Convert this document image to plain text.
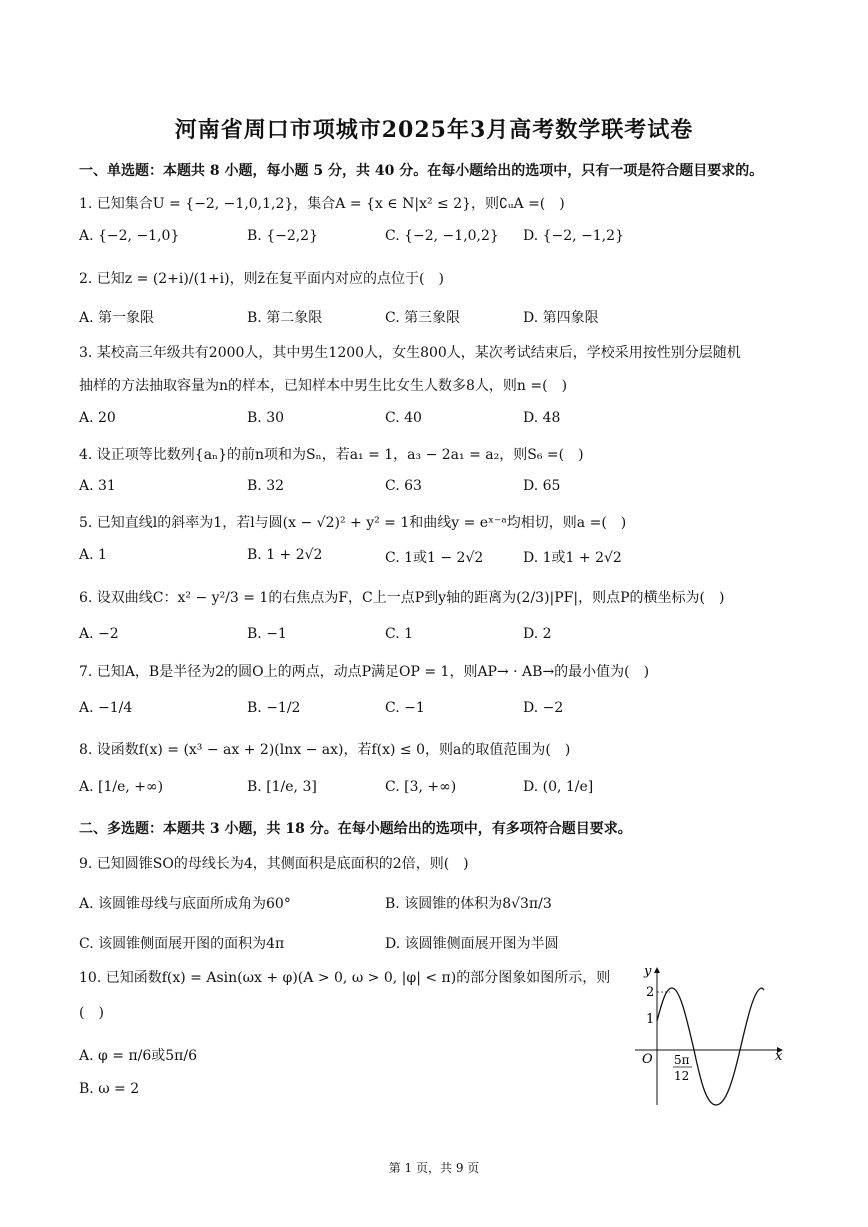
河南省周口市项城市2025年3月高考数学联考试卷
一、单选题：本题共 8 小题，每小题 5 分，共 40 分。在每小题给出的选项中，只有一项是符合题目要求的。
1. 已知集合U = {−2, −1,0,1,2}，集合A = {x ∈ N|x² ≤ 2}，则∁ᵤA =(　)
A. {−2, −1,0}	B. {−2,2}	C. {−2, −1,0,2} D. {−2, −1,2}
2. 已知z = (2+i)/(1+i)，则z̄在复平面内对应的点位于(　)
A. 第一象限	B. 第二象限	C. 第三象限	D. 第四象限
3. 某校高三年级共有2000人，其中男生1200人，女生800人，某次考试结束后，学校采用按性别分层随机
抽样的方法抽取容量为n的样本，已知样本中男生比女生人数多8人，则n =(　)
A. 20	B. 30	C. 40	D. 48
4. 设正项等比数列{aₙ}的前n项和为Sₙ，若a₁ = 1，a₃ − 2a₁ = a₂，则S₆ =(　)
A. 31	B. 32	C. 63	D. 65
5. 已知直线l的斜率为1，若l与圆(x − √2)² + y² = 1和曲线y = eˣ⁻ᵃ均相切，则a =(　)
A. 1	B. 1 + 2√2	C. 1或1 − 2√2	D. 1或1 + 2√2
6. 设双曲线C：x² − y²/3 = 1的右焦点为F，C上一点P到y轴的距离为(2/3)|PF|，则点P的横坐标为(　)
A. −2	B. −1	C. 1	D. 2
7. 已知A，B是半径为2的圆O上的两点，动点P满足OP = 1，则AP→ · AB→的最小值为(　)
A. −1/4	B. −1/2	C. −1	D. −2
8. 设函数f(x) = (x³ − ax + 2)(lnx − ax)，若f(x) ≤ 0，则a的取值范围为(　)
A. [1/e, +∞)	B. [1/e, 3]	C. [3, +∞)	D. (0, 1/e]
二、多选题：本题共 3 小题，共 18 分。在每小题给出的选项中，有多项符合题目要求。
9. 已知圆锥SO的母线长为4，其侧面积是底面积的2倍，则(　)
A. 该圆锥母线与底面所成角为60°	B. 该圆锥的体积为8√3π/3
C. 该圆锥侧面展开图的面积为4π	D. 该圆锥侧面展开图为半圆
10. 已知函数f(x) = Asin(ωx + φ)(A > 0, ω > 0, |φ| < π)的部分图象如图所示，则
(　)
A. φ = π/6或5π/6
B. ω = 2
y
x
O
2
1
5π
12
第 1 页，共 9 页
